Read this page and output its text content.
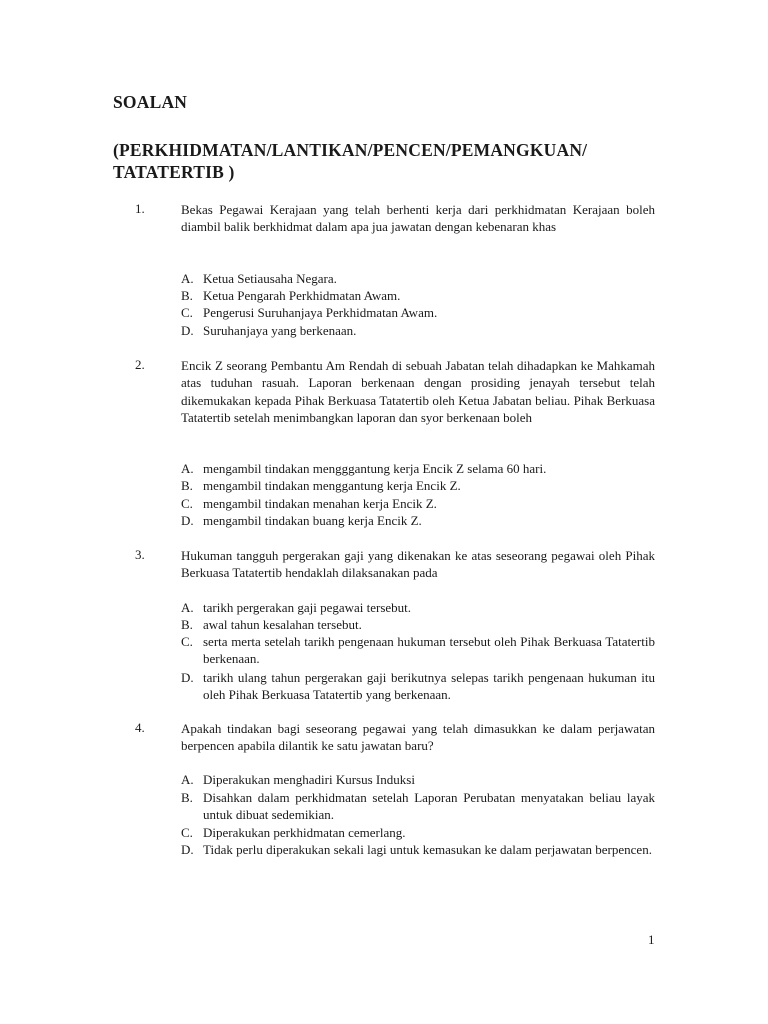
SOALAN
(PERKHIDMATAN/LANTIKAN/PENCEN/PEMANGKUAN/
TATATERTIB )
1.	Bekas Pegawai Kerajaan yang telah berhenti kerja dari perkhidmatan Kerajaan boleh diambil balik berkhidmat dalam apa jua jawatan dengan kebenaran khas
A. Ketua Setiausaha Negara.
B. Ketua Pengarah Perkhidmatan Awam.
C. Pengerusi Suruhanjaya Perkhidmatan Awam.
D. Suruhanjaya yang berkenaan.
2.	Encik Z seorang Pembantu Am Rendah di sebuah Jabatan telah dihadapkan ke Mahkamah atas tuduhan rasuah. Laporan berkenaan dengan prosiding jenayah tersebut telah dikemukakan kepada Pihak Berkuasa Tatatertib oleh Ketua Jabatan beliau. Pihak Berkuasa Tatatertib setelah menimbangkan laporan dan syor berkenaan boleh
A. mengambil tindakan mengggantung kerja Encik Z selama 60 hari.
B. mengambil tindakan menggantung kerja Encik Z.
C. mengambil tindakan menahan kerja Encik Z.
D. mengambil tindakan buang kerja Encik Z.
3.	Hukuman tangguh pergerakan gaji yang dikenakan ke atas seseorang pegawai oleh Pihak Berkuasa Tatatertib hendaklah dilaksanakan pada
A. tarikh pergerakan gaji pegawai tersebut.
B. awal tahun kesalahan tersebut.
C. serta merta setelah tarikh pengenaan hukuman tersebut oleh Pihak Berkuasa Tatatertib berkenaan.
D. tarikh ulang tahun pergerakan gaji berikutnya selepas tarikh pengenaan hukuman itu oleh Pihak Berkuasa Tatatertib yang berkenaan.
4.	Apakah tindakan bagi seseorang pegawai yang telah dimasukkan ke dalam perjawatan berpencen apabila dilantik ke satu jawatan baru?
A. Diperakukan menghadiri Kursus Induksi
B. Disahkan dalam perkhidmatan setelah Laporan Perubatan menyatakan beliau layak untuk dibuat sedemikian.
C. Diperakukan perkhidmatan cemerlang.
D. Tidak perlu diperakukan sekali lagi untuk kemasukan ke dalam perjawatan berpencen.
1
